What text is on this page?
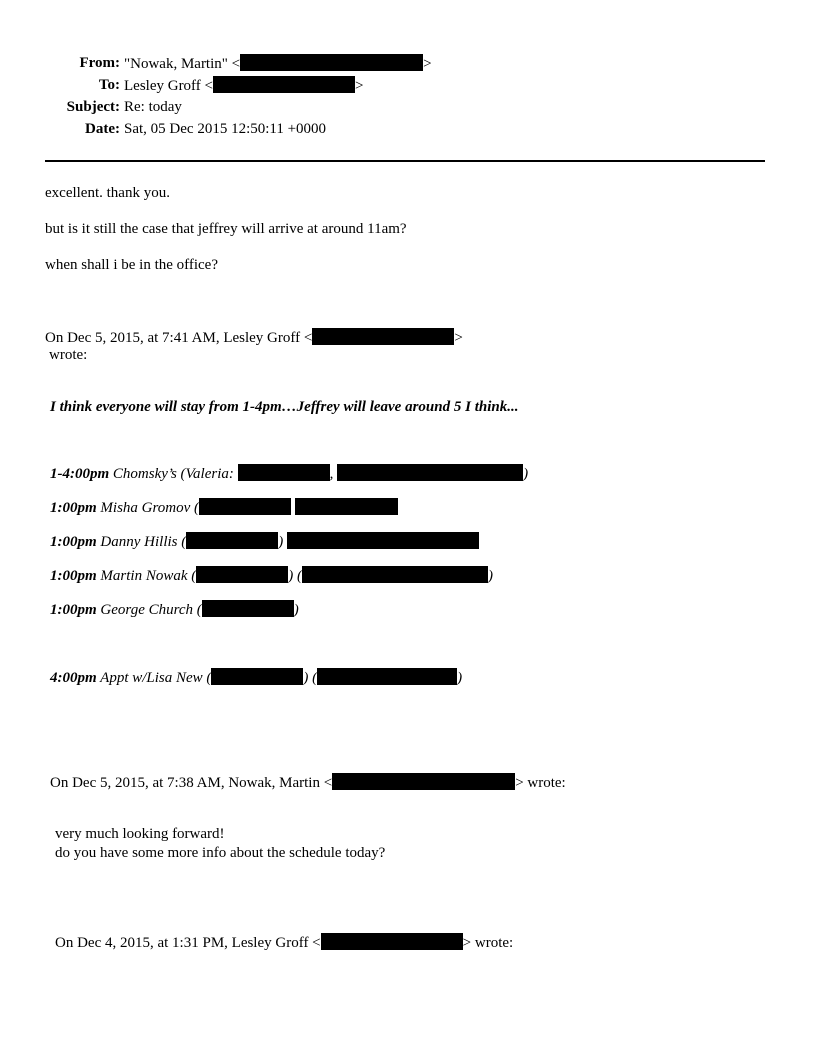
From: "Nowak, Martin" <	>
To: Lesley Groff <	>
Subject: Re: today
Date: Sat, 05 Dec 2015 12:50:11 +0000
excellent. thank you.
but is it still the case that jeffrey will arrive at around 11am?
when shall i be in the office?
On Dec 5, 2015, at 7:41 AM, Lesley Groff <	>
wrote:
I think everyone will stay from 1-4pm…Jeffrey will leave around 5 I think...
1-4:00pm Chomsky’s (Valeria:	,	)
1:00pm Misha Gromov (
1:00pm Danny Hillis (	)
1:00pm Martin Nowak (	) (	)
1:00pm George Church (	)
4:00pm Appt w/Lisa New (	) (	)
On Dec 5, 2015, at 7:38 AM, Nowak, Martin <	> wrote:
very much looking forward!
do you have some more info about the schedule today?
On Dec 4, 2015, at 1:31 PM, Lesley Groff <	> wrote:
